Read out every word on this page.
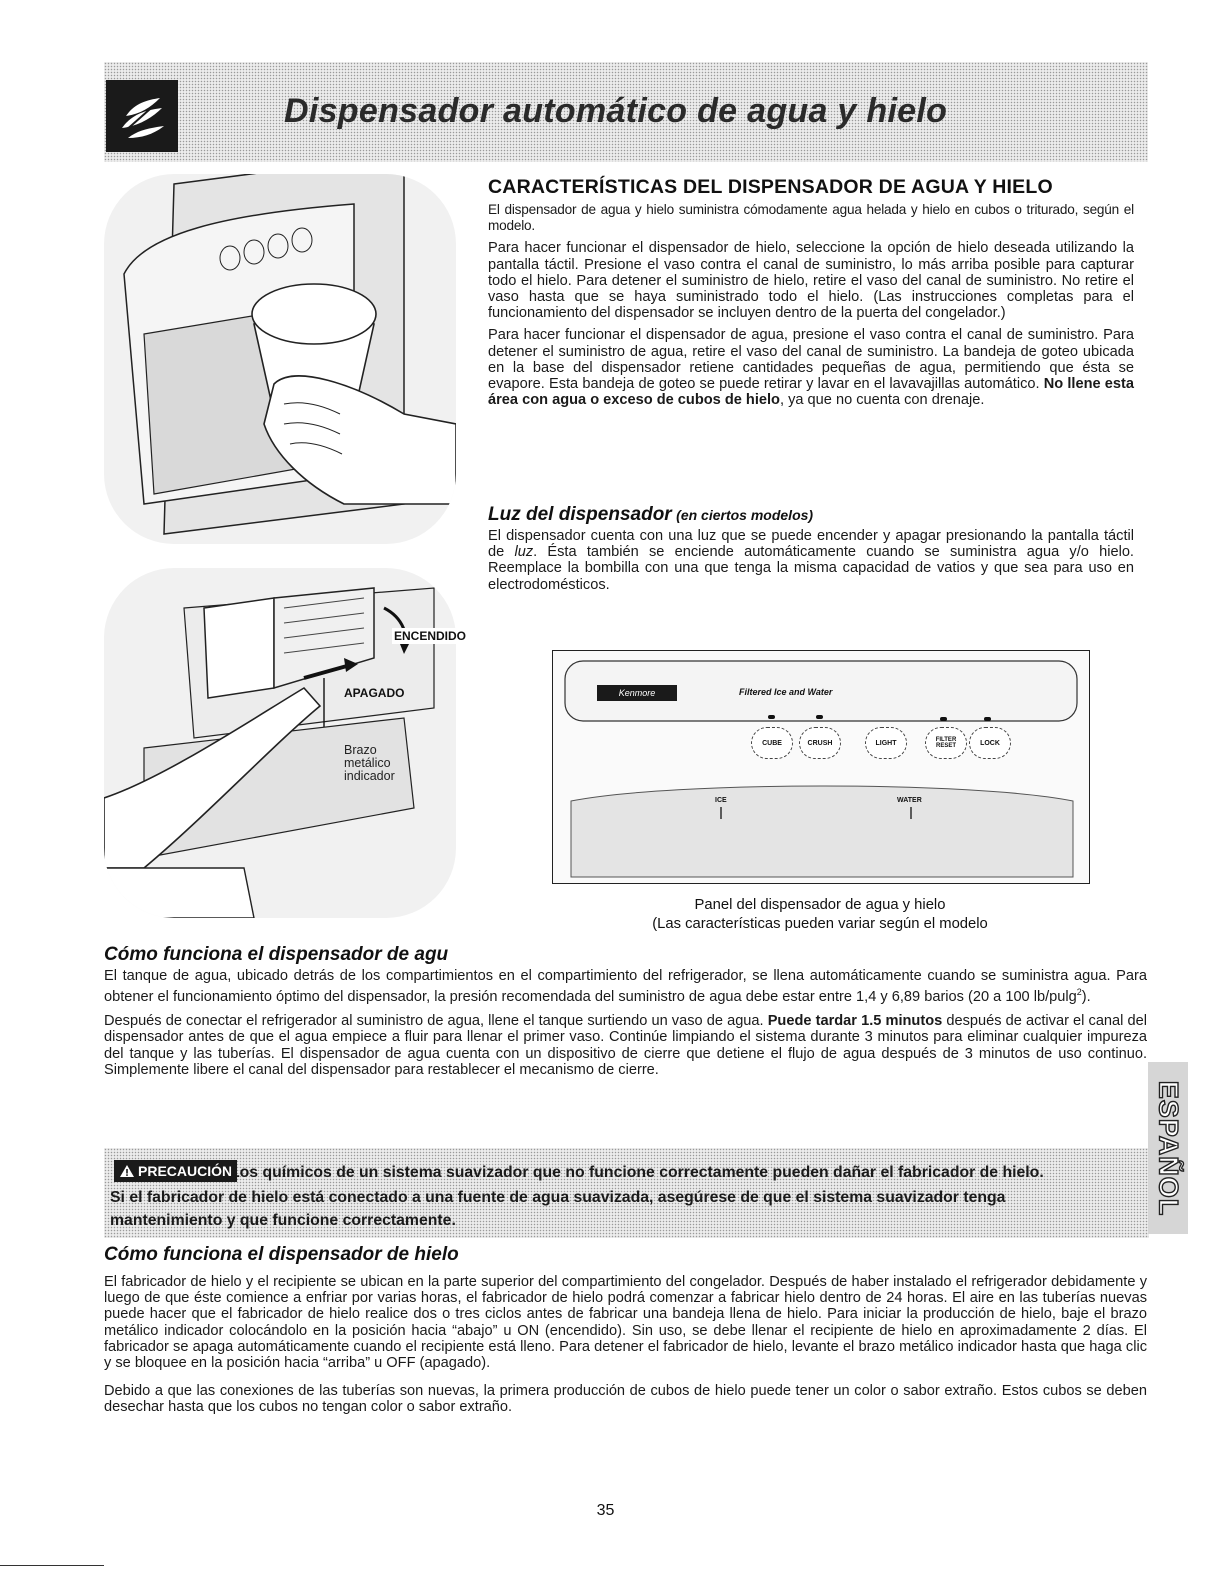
Dispensador automático de agua y hielo
ENCENDIDO
APAGADO
Brazo
metálico
indicador
CARACTERÍSTICAS DEL DISPENSADOR DE AGUA Y HIELO

El dispensador de agua y hielo suministra cómodamente agua helada y hielo en cubos o triturado, según el modelo.

Para hacer funcionar el dispensador de hielo, seleccione la opción de hielo deseada utilizando la pantalla táctil. Presione el vaso contra el canal de suministro, lo más arriba posible para capturar todo el hielo. Para detener el suministro de hielo, retire el vaso del canal de suministro. No retire el vaso hasta que se haya suministrado todo el hielo. (Las instrucciones completas para el funcionamiento del dispensador se incluyen dentro de la puerta del congelador.)

Para hacer funcionar el dispensador de agua, presione el vaso contra el canal de suministro. Para detener el suministro de agua, retire el vaso del canal de suministro. La bandeja de goteo ubicada en la base del dispensador retiene cantidades pequeñas de agua, permitiendo que ésta se evapore. Esta bandeja de goteo se puede retirar y lavar en el lavavajillas automático. No llene esta área con agua o exceso de cubos de hielo, ya que no cuenta con drenaje.

Luz del dispensador (en ciertos modelos)

El dispensador cuenta con una luz que se puede encender y apagar presionando la pantalla táctil de luz. Ésta también se enciende automáticamente cuando se suministra agua y/o hielo. Reemplace la bombilla con una que tenga la misma capacidad de vatios y que sea para uso en electrodomésticos.

Kenmore	Filtered Ice and Water
CUBE	CRUSH	LIGHT	FILTER RESET	LOCK
ICE	WATER
Panel del dispensador de agua y hielo
(Las características pueden variar según el modelo
Cómo funciona el dispensador de agu

El tanque de agua, ubicado detrás de los compartimientos en el compartimiento del refrigerador, se llena automáticamente cuando se suministra agua. Para obtener el funcionamiento óptimo del dispensador, la presión recomendada del suministro de agua debe estar entre 1,4 y 6,89 barios (20 a 100 lb/pulg$^2$).

Después de conectar el refrigerador al suministro de agua, llene el tanque surtiendo un vaso de agua. Puede tardar 1.5 minutos después de activar el canal del dispensador antes de que el agua empiece a fluir para llenar el primer vaso. Continúe limpiando el sistema durante 3 minutos para eliminar cualquier impureza del tanque y las tuberías. El dispensador de agua cuenta con un dispositivo de cierre que detiene el flujo de agua después de 3 minutos de uso continuo. Simplemente libere el canal del dispensador para restablecer el mecanismo de cierre.

PRECAUCIÓN
Los químicos de un sistema suavizador que no funcione correctamente pueden dañar el fabricador de hielo.
Si el fabricador de hielo está conectado a una fuente de agua suavizada, asegúrese de que el sistema suavizador tenga
mantenimiento y que funcione correctamente.
ESPAÑOL
Cómo funciona el dispensador de hielo

El fabricador de hielo y el recipiente se ubican en la parte superior del compartimiento del congelador. Después de haber instalado el refrigerador debidamente y luego de que éste comience a enfriar por varias horas, el fabricador de hielo podrá comenzar a fabricar hielo dentro de 24 horas. El aire en las tuberías nuevas puede hacer que el fabricador de hielo realice dos o tres ciclos antes de fabricar una bandeja llena de hielo. Para iniciar la producción de hielo, baje el brazo metálico indicador colocándolo en la posición hacia “abajo” u ON (encendido). Sin uso, se debe llenar el recipiente de hielo en aproximadamente 2 días. El fabricador se apaga automáticamente cuando el recipiente está lleno. Para detener el fabricador de hielo, levante el brazo metálico indicador hasta que haga clic y se bloquee en la posición hacia “arriba” u OFF (apagado).

Debido a que las conexiones de las tuberías son nuevas, la primera producción de cubos de hielo puede tener un color o sabor extraño. Estos cubos se deben desechar hasta que los cubos no tengan color o sabor extraño.

35
